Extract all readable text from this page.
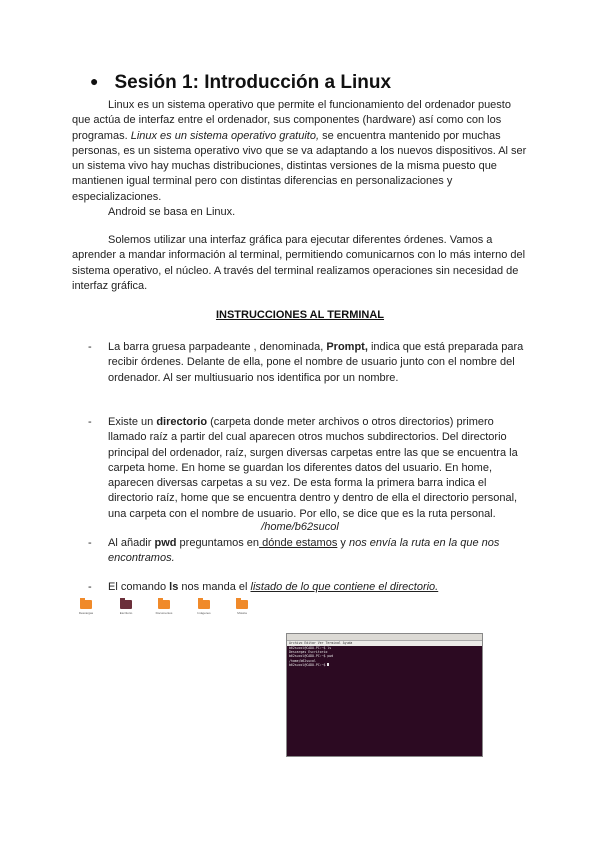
● Sesión 1: Introducción a Linux

Linux es un sistema operativo que permite el funcionamiento del ordenador puesto que actúa de interfaz entre el ordenador, sus componentes (hardware) así como con los programas. Linux es un sistema operativo gratuito, se encuentra mantenido por muchas personas, es un sistema operativo vivo que se va adaptando a los nuevos dispositivos. Al ser un sistema vivo hay muchas distribuciones, distintas versiones de la misma puesto que mantienen igual terminal pero con distintas diferencias en personalizaciones y especializaciones.

Android se basa en Linux.

Solemos utilizar una interfaz gráfica para ejecutar diferentes órdenes. Vamos a aprender a mandar información al terminal, permitiendo comunicarnos con lo más interno del sistema operativo, el núcleo. A través del terminal realizamos operaciones sin necesidad de interfaz gráfica.

INSTRUCCIONES AL TERMINAL
- La barra gruesa parpadeante , denominada, Prompt, indica que está preparada para recibir órdenes. Delante de ella, pone el nombre de usuario junto con el nombre del ordenador. Al ser multiusuario nos identifica por un nombre.
- Existe un directorio (carpeta donde meter archivos o otros directorios) primero llamado raíz a partir del cual aparecen otros muchos subdirectorios. Del directorio principal del ordenador, raíz, surgen diversas carpetas entre las que se encuentra la carpeta home. En home se guardan los diferentes datos del usuario. En home, aparecen diversas carpetas a su vez. De esta forma la primera barra indica el directorio raíz, home que se encuentra dentro y dentro de ella el directorio personal, una carpeta con el nombre de usuario. Por ello, se dice que es la ruta personal.
/home/b62sucol
- Al añadir pwd preguntamos en dónde estamos y nos envía la ruta en la que nos encontramos.
- El comando ls nos manda el listado de lo que contiene el directorio.
Descargas	Escritorio	Documentos	Imágenes	Música
Archivo Editar Ver Terminal Ayuda
b62sucol@CADO-PC:~$ ls
Descargas Escritorio
b62sucol@CADO-PC:~$ pwd
/home/b62sucol
b62sucol@CADO-PC:~$
